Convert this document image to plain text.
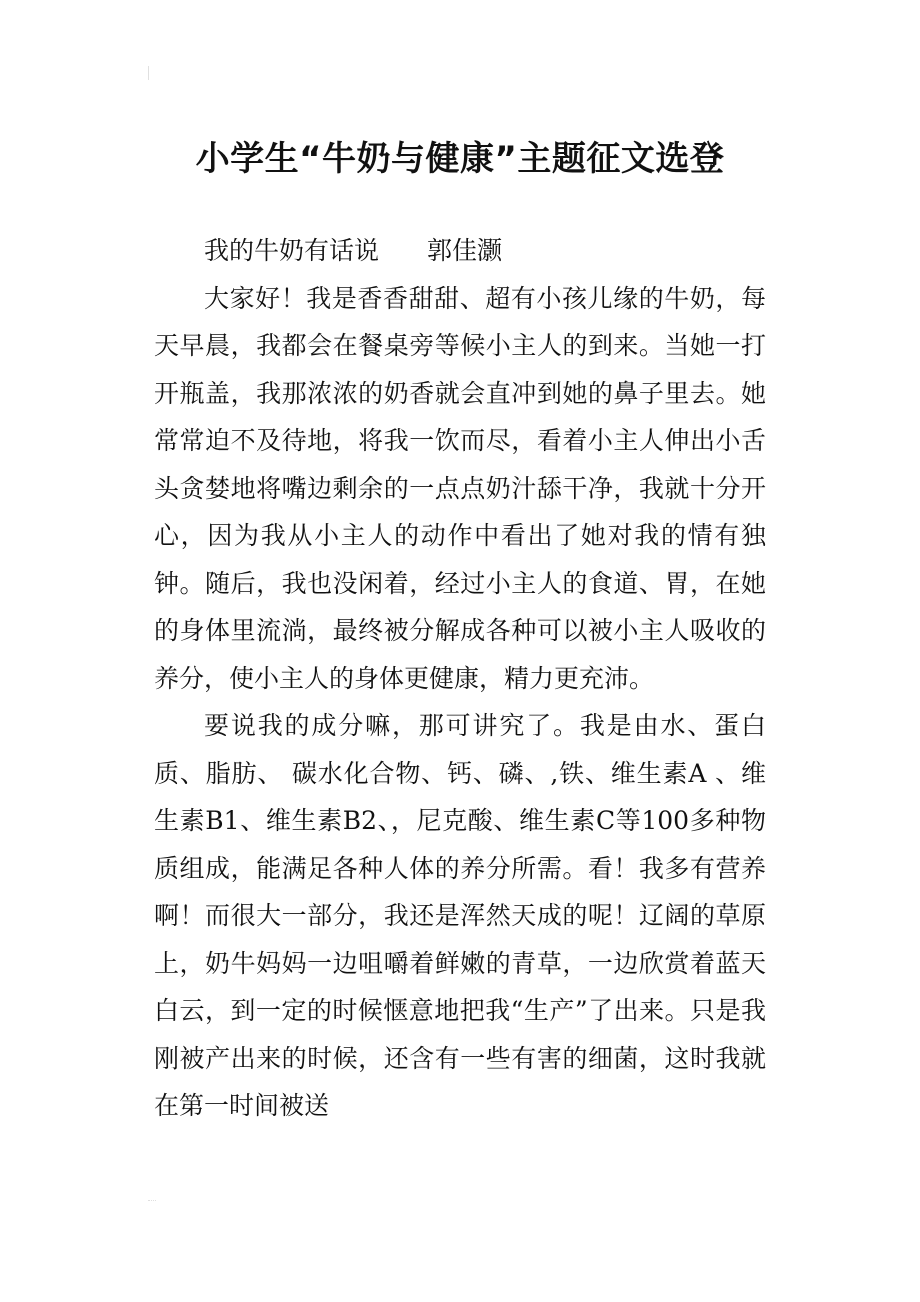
小学生“牛奶与健康”主题征文选登

我的牛奶有话说 郭佳灏

大家好！我是香香甜甜、超有小孩儿缘的牛奶，每天早晨，我都会在餐桌旁等候小主人的到来。当她一打开瓶盖，我那浓浓的奶香就会直冲到她的鼻子里去。她常常迫不及待地，将我一饮而尽，看着小主人伸出小舌头贪婪地将嘴边剩余的一点点奶汁舔干净，我就十分开心，因为我从小主人的动作中看出了她对我的情有独钟。随后，我也没闲着，经过小主人的食道、胃，在她的身体里流淌，最终被分解成各种可以被小主人吸收的养分，使小主人的身体更健康，精力更充沛。

要说我的成分嘛，那可讲究了。我是由水、蛋白质、脂肪、 碳水化合物、钙、磷、,铁、维生素A 、维生素B1、维生素B2、，尼克酸、维生素C等100多种物质组成，能满足各种人体的养分所需。看！我多有营养啊！而很大一部分，我还是浑然天成的呢！辽阔的草原上，奶牛妈妈一边咀嚼着鲜嫩的青草，一边欣赏着蓝天白云，到一定的时候惬意地把我“生产”了出来。只是我刚被产出来的时候，还含有一些有害的细菌，这时我就在第一时间被送
